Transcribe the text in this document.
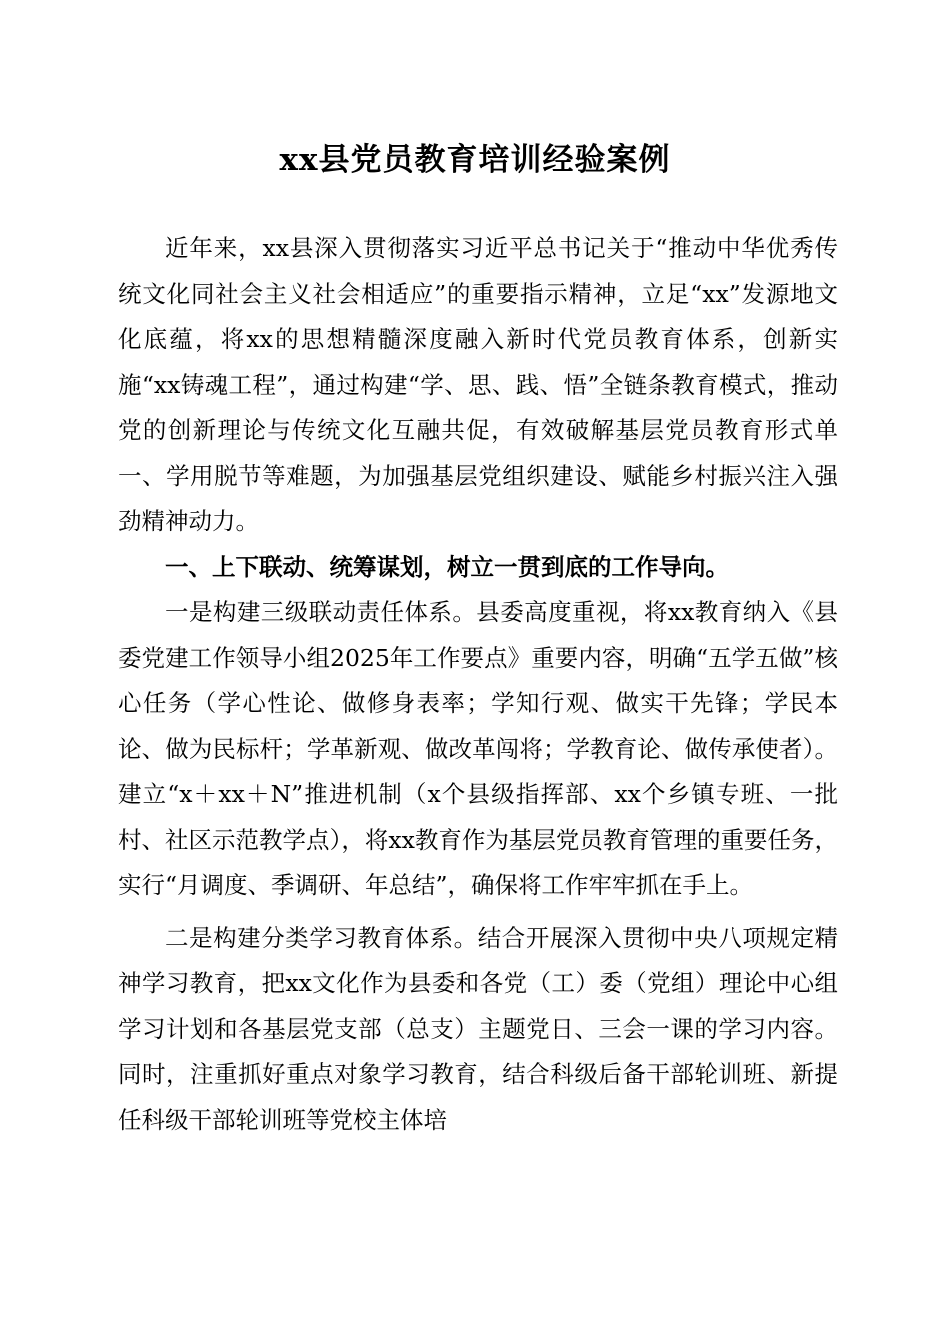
xx县党员教育培训经验案例

近年来，xx县深入贯彻落实习近平总书记关于“推动中华优秀传统文化同社会主义社会相适应”的重要指示精神，立足“xx”发源地文化底蕴，将xx的思想精髓深度融入新时代党员教育体系，创新实施“xx铸魂工程”，通过构建“学、思、践、悟”全链条教育模式，推动党的创新理论与传统文化互融共促，有效破解基层党员教育形式单一、学用脱节等难题，为加强基层党组织建设、赋能乡村振兴注入强劲精神动力。

一、上下联动、统筹谋划，树立一贯到底的工作导向。

一是构建三级联动责任体系。县委高度重视，将xx教育纳入《县委党建工作领导小组2025年工作要点》重要内容，明确“五学五做”核心任务（学心性论、做修身表率；学知行观、做实干先锋；学民本论、做为民标杆；学革新观、做改革闯将；学教育论、做传承使者）。建立“x＋xx＋N”推进机制（x个县级指挥部、xx个乡镇专班、一批村、社区示范教学点），将xx教育作为基层党员教育管理的重要任务，实行“月调度、季调研、年总结”，确保将工作牢牢抓在手上。

二是构建分类学习教育体系。结合开展深入贯彻中央八项规定精神学习教育，把xx文化作为县委和各党（工）委（党组）理论中心组学习计划和各基层党支部（总支）主题党日、三会一课的学习内容。同时，注重抓好重点对象学习教育，结合科级后备干部轮训班、新提任科级干部轮训班等党校主体培
